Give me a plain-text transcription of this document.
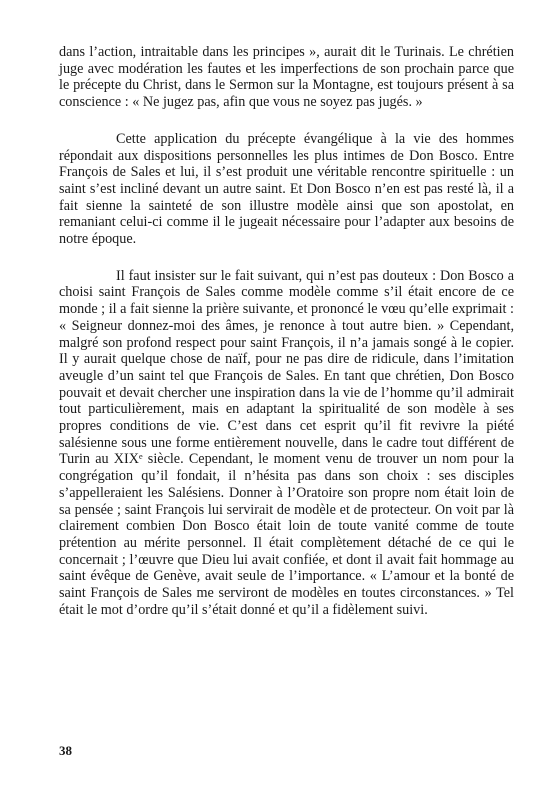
dans l’action, intraitable dans les principes », aurait dit le Turinais. Le chrétien juge avec modération les fautes et les imperfections de son prochain parce que le précepte du Christ, dans le Sermon sur la Montagne, est toujours présent à sa conscience : « Ne jugez pas, afin que vous ne soyez pas jugés. »

Cette application du précepte évangélique à la vie des hommes répondait aux dispositions personnelles les plus intimes de Don Bosco. Entre François de Sales et lui, il s’est produit une véritable rencontre spirituelle : un saint s’est incliné devant un autre saint. Et Don Bosco n’en est pas resté là, il a fait sienne la sainteté de son illustre modèle ainsi que son apostolat, en remaniant celui-ci comme il le jugeait nécessaire pour l’adapter aux besoins de notre époque.

Il faut insister sur le fait suivant, qui n’est pas douteux : Don Bosco a choisi saint François de Sales comme modèle comme s’il était encore de ce monde ; il a fait sienne la prière suivante, et prononcé le vœu qu’elle exprimait : « Seigneur donnez-moi des âmes, je renonce à tout autre bien. » Cependant, malgré son profond respect pour saint François, il n’a jamais songé à le copier. Il y aurait quelque chose de naïf, pour ne pas dire de ridicule, dans l’imitation aveugle d’un saint tel que François de Sales. En tant que chrétien, Don Bosco pouvait et devait chercher une inspiration dans la vie de l’homme qu’il admirait tout particulièrement, mais en adaptant la spiritualité de son modèle à ses propres conditions de vie. C’est dans cet esprit qu’il fit revivre la piété salésienne sous une forme entièrement nouvelle, dans le cadre tout différent de Turin au XIXᵉ siècle. Cependant, le moment venu de trouver un nom pour la congrégation qu’il fondait, il n’hésita pas dans son choix : ses disciples s’appelleraient les Salésiens. Donner à l’Oratoire son propre nom était loin de sa pensée ; saint François lui servirait de modèle et de protecteur. On voit par là clairement combien Don Bosco était loin de toute vanité comme de toute prétention au mérite personnel. Il était complètement détaché de ce qui le concernait ; l’œuvre que Dieu lui avait confiée, et dont il avait fait hommage au saint évêque de Genève, avait seule de l’importance. « L’amour et la bonté de saint François de Sales me serviront de modèles en toutes circonstances. » Tel était le mot d’ordre qu’il s’était donné et qu’il a fidèlement suivi.

38
